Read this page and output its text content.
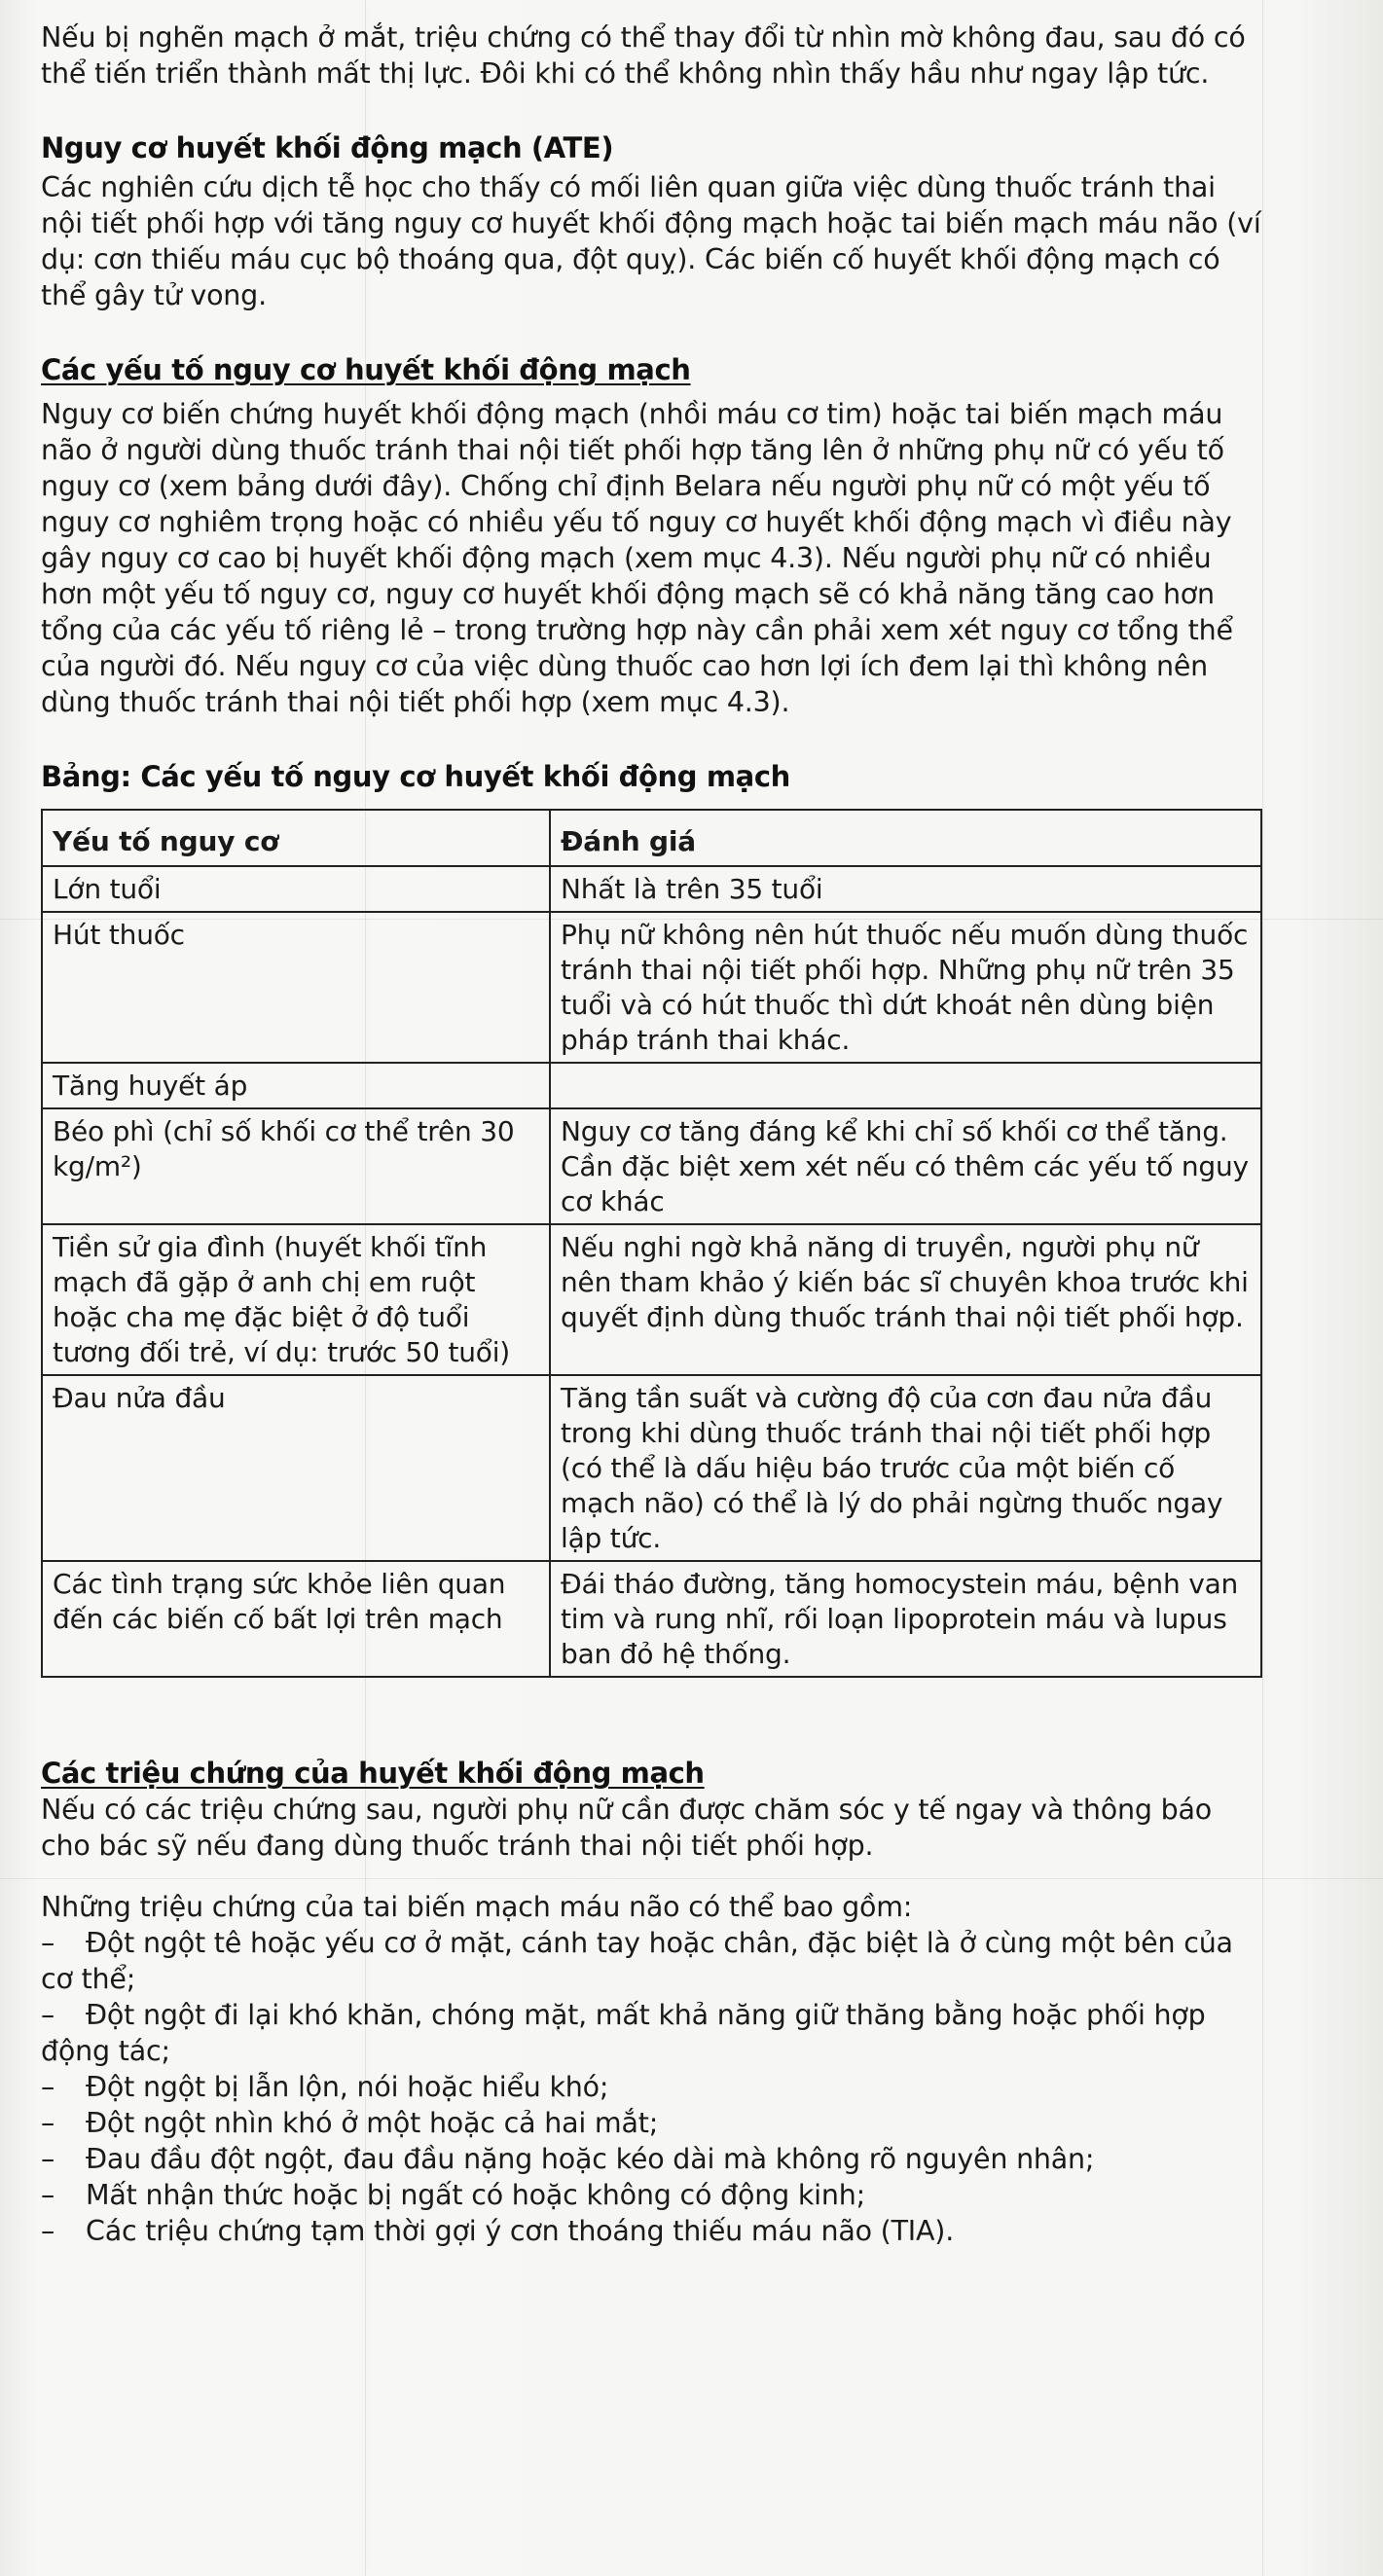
Nếu bị nghẽn mạch ở mắt, triệu chứng có thể thay đổi từ nhìn mờ không đau, sau đó có thể tiến triển thành mất thị lực. Đôi khi có thể không nhìn thấy hầu như ngay lập tức.

Nguy cơ huyết khối động mạch (ATE)

Các nghiên cứu dịch tễ học cho thấy có mối liên quan giữa việc dùng thuốc tránh thai nội tiết phối hợp với tăng nguy cơ huyết khối động mạch hoặc tai biến mạch máu não (ví dụ: cơn thiếu máu cục bộ thoáng qua, đột quỵ). Các biến cố huyết khối động mạch có thể gây tử vong.

Các yếu tố nguy cơ huyết khối động mạch

Nguy cơ biến chứng huyết khối động mạch (nhồi máu cơ tim) hoặc tai biến mạch máu não ở người dùng thuốc tránh thai nội tiết phối hợp tăng lên ở những phụ nữ có yếu tố nguy cơ (xem bảng dưới đây). Chống chỉ định Belara nếu người phụ nữ có một yếu tố nguy cơ nghiêm trọng hoặc có nhiều yếu tố nguy cơ huyết khối động mạch vì điều này gây nguy cơ cao bị huyết khối động mạch (xem mục 4.3). Nếu người phụ nữ có nhiều hơn một yếu tố nguy cơ, nguy cơ huyết khối động mạch sẽ có khả năng tăng cao hơn tổng của các yếu tố riêng lẻ – trong trường hợp này cần phải xem xét nguy cơ tổng thể của người đó. Nếu nguy cơ của việc dùng thuốc cao hơn lợi ích đem lại thì không nên dùng thuốc tránh thai nội tiết phối hợp (xem mục 4.3).

Bảng: Các yếu tố nguy cơ huyết khối động mạch
Yếu tố nguy cơ	Đánh giá
Lớn tuổi	Nhất là trên 35 tuổi
Hút thuốc	Phụ nữ không nên hút thuốc nếu muốn dùng thuốc tránh thai nội tiết phối hợp. Những phụ nữ trên 35 tuổi và có hút thuốc thì dứt khoát nên dùng biện pháp tránh thai khác.
Tăng huyết áp	
Béo phì (chỉ số khối cơ thể trên 30 kg/m²)	Nguy cơ tăng đáng kể khi chỉ số khối cơ thể tăng. Cần đặc biệt xem xét nếu có thêm các yếu tố nguy cơ khác
Tiền sử gia đình (huyết khối tĩnh mạch đã gặp ở anh chị em ruột hoặc cha mẹ đặc biệt ở độ tuổi tương đối trẻ, ví dụ: trước 50 tuổi)	Nếu nghi ngờ khả năng di truyền, người phụ nữ nên tham khảo ý kiến bác sĩ chuyên khoa trước khi quyết định dùng thuốc tránh thai nội tiết phối hợp.
Đau nửa đầu	Tăng tần suất và cường độ của cơn đau nửa đầu trong khi dùng thuốc tránh thai nội tiết phối hợp (có thể là dấu hiệu báo trước của một biến cố mạch não) có thể là lý do phải ngừng thuốc ngay lập tức.
Các tình trạng sức khỏe liên quan đến các biến cố bất lợi trên mạch	Đái tháo đường, tăng homocystein máu, bệnh van tim và rung nhĩ, rối loạn lipoprotein máu và lupus ban đỏ hệ thống.
Các triệu chứng của huyết khối động mạch

Nếu có các triệu chứng sau, người phụ nữ cần được chăm sóc y tế ngay và thông báo cho bác sỹ nếu đang dùng thuốc tránh thai nội tiết phối hợp.

Những triệu chứng của tai biến mạch máu não có thể bao gồm:

– Đột ngột tê hoặc yếu cơ ở mặt, cánh tay hoặc chân, đặc biệt là ở cùng một bên của cơ thể;
– Đột ngột đi lại khó khăn, chóng mặt, mất khả năng giữ thăng bằng hoặc phối hợp động tác;
– Đột ngột bị lẫn lộn, nói hoặc hiểu khó;
– Đột ngột nhìn khó ở một hoặc cả hai mắt;
– Đau đầu đột ngột, đau đầu nặng hoặc kéo dài mà không rõ nguyên nhân;
– Mất nhận thức hoặc bị ngất có hoặc không có động kinh;
– Các triệu chứng tạm thời gợi ý cơn thoáng thiếu máu não (TIA).
